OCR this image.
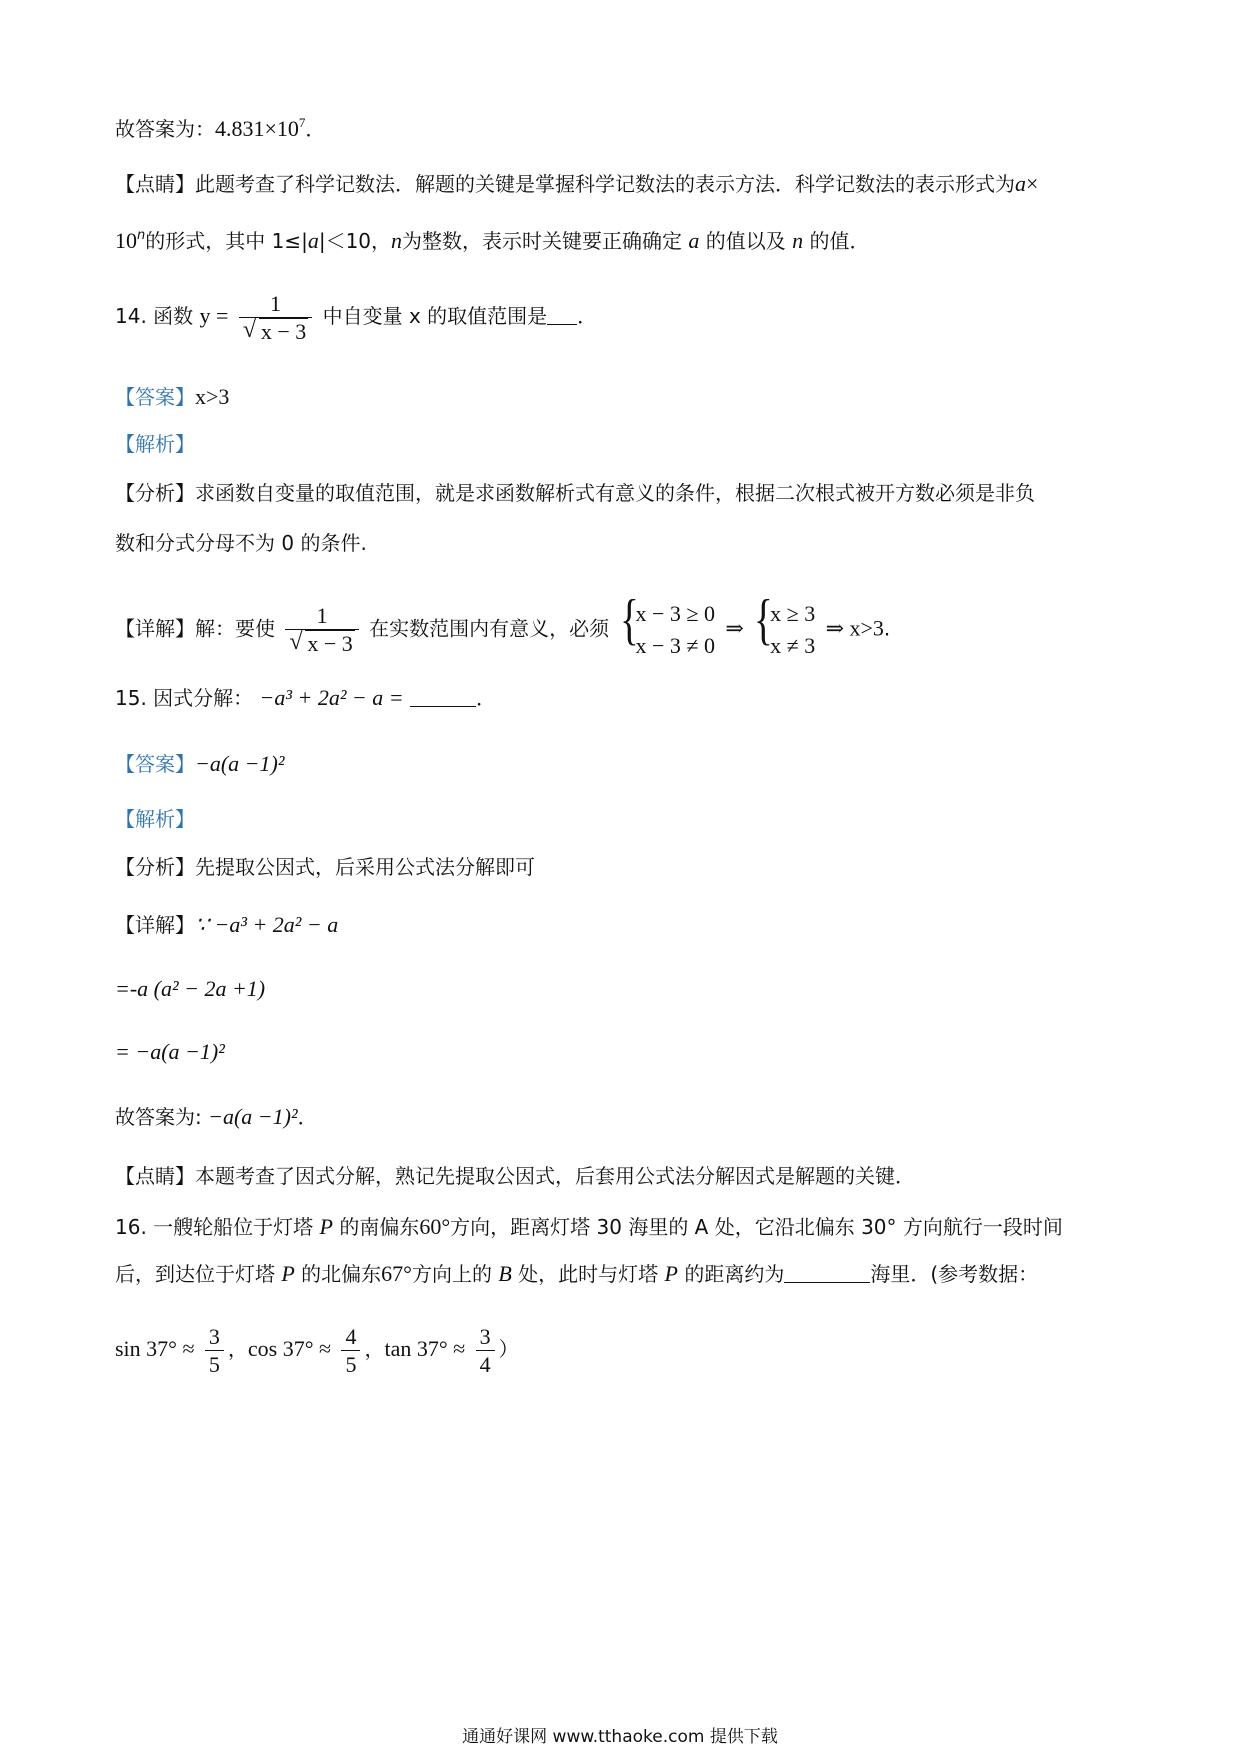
故答案为：$4.831\times 10^7$．
【点睛】此题考查了科学记数法．解题的关键是掌握科学记数法的表示方法．科学记数法的表示形式为a×
$10^n$的形式，其中 1≤|a|＜10，n为整数，表示时关键要正确确定 a 的值以及 n 的值．
14. 函数 $y = \frac{1}{√ x - 3}$ 中自变量 x 的取值范围是 ．
【答案】x>3
【解析】
【分析】求函数自变量的取值范围，就是求函数解析式有意义的条件，根据二次根式被开方数必须是非负
数和分式分母不为 0 的条件.
【详解】解：要使 $\frac{1}{√ x - 3}$ 在实数范围内有意义，必须 {
x − 3 ≥ 0
x − 3 ≠ 0
⇒ {
x ≥ 3
x ≠ 3
⇒ x>3.
15. 因式分解： −a³ + 2a² − a =	．
【答案】−a(a −1)²
【解析】
【分析】先提取公因式，后采用公式法分解即可
【详解】∵ −a³ + 2a² − a
=-a (a² − 2a +1)
= −a(a −1)²
故答案为: −a(a −1)²．
【点睛】本题考查了因式分解，熟记先提取公因式，后套用公式法分解因式是解题的关键．
16. 一艘轮船位于灯塔 P 的南偏东60°方向，距离灯塔 30 海里的 A 处，它沿北偏东 30° 方向航行一段时间
后，到达位于灯塔 P 的北偏东67°方向上的 B 处，此时与灯塔 P 的距离约为	海里．(参考数据：
$\sin 37^\circ \approx \frac{3}{5}$ ，$\cos 37^\circ \approx \frac{4}{5}$ ，$\tan 37^\circ \approx \frac{3}{4}$ ）
通通好课网 www.tthaoke.com 提供下载
